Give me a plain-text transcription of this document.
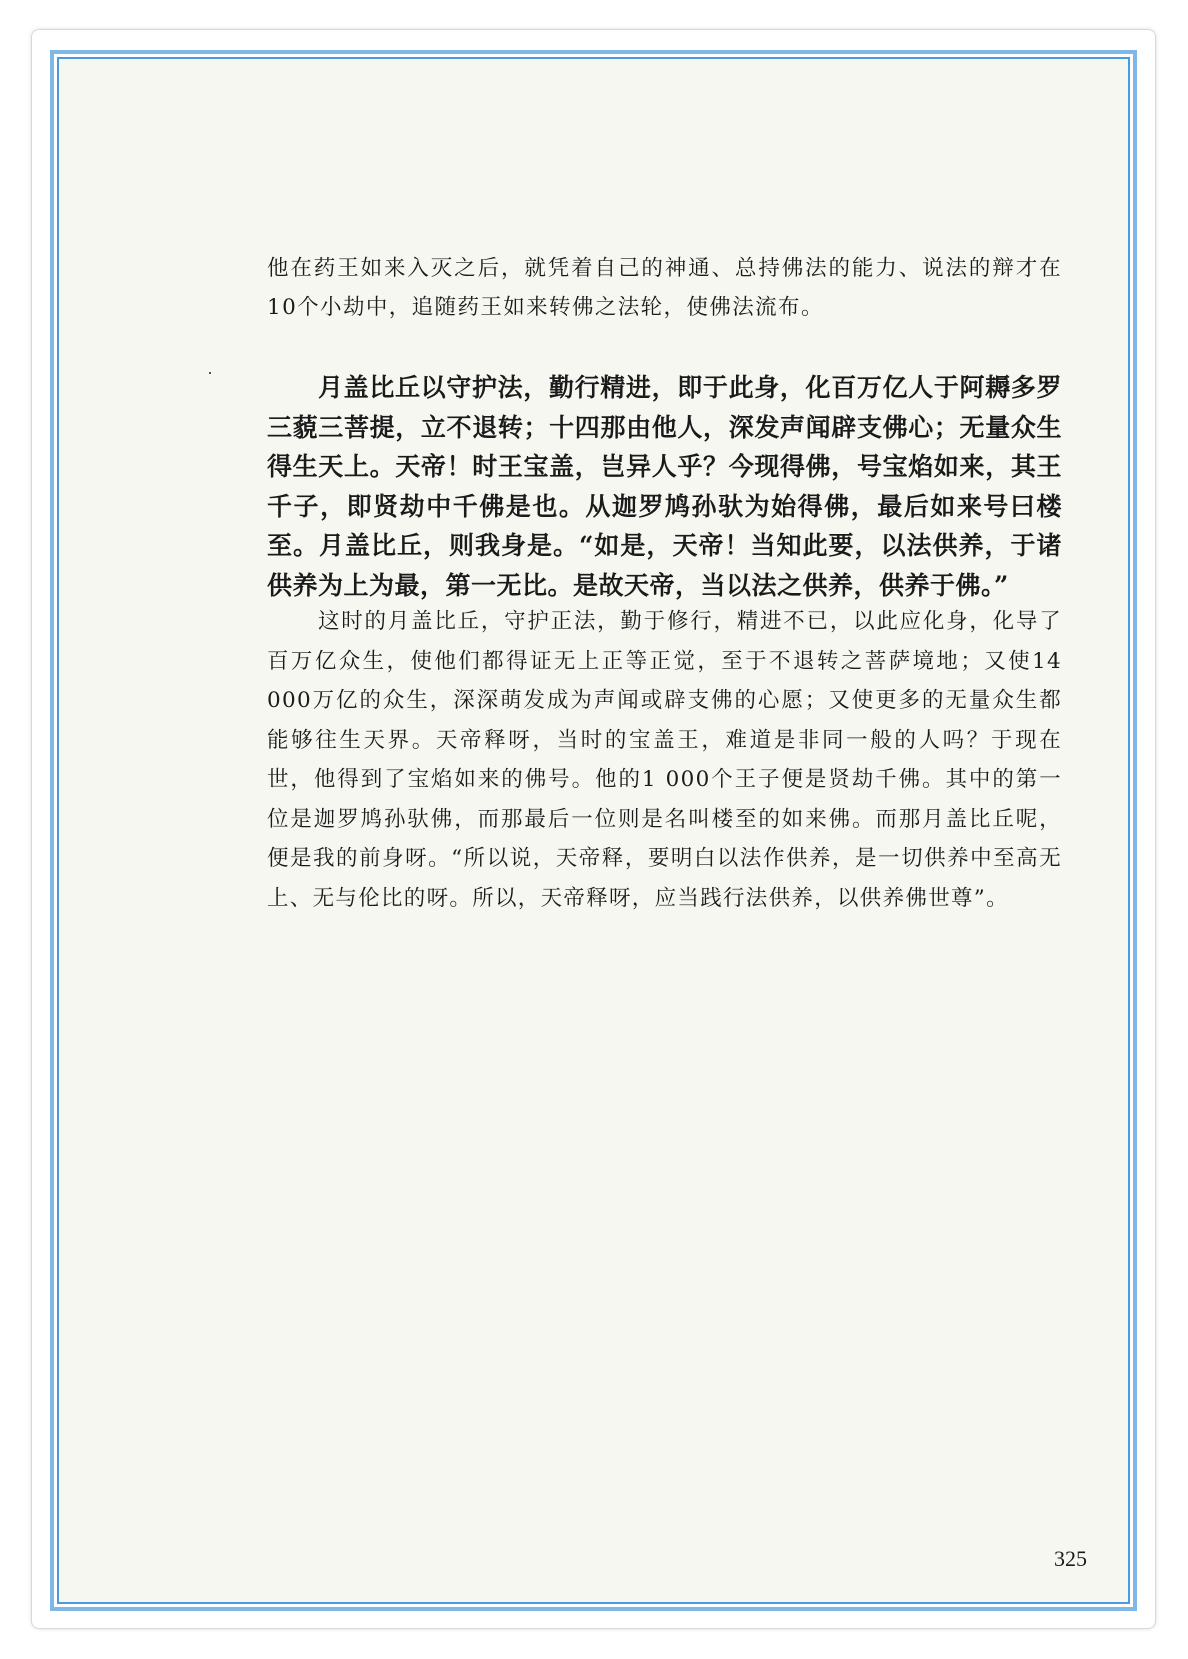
他在药王如来入灭之后，就凭着自己的神通、总持佛法的能力、说法的辩才在10个小劫中，追随药王如来转佛之法轮，使佛法流布。

月盖比丘以守护法，勤行精进，即于此身，化百万亿人于阿耨多罗三藐三菩提，立不退转；十四那由他人，深发声闻辟支佛心；无量众生得生天上。天帝！时王宝盖，岂异人乎？今现得佛，号宝焰如来，其王千子，即贤劫中千佛是也。从迦罗鸠孙驮为始得佛，最后如来号曰楼至。月盖比丘，则我身是。“如是，天帝！当知此要，以法供养，于诸供养为上为最，第一无比。是故天帝，当以法之供养，供养于佛。”

这时的月盖比丘，守护正法，勤于修行，精进不已，以此应化身，化导了百万亿众生，使他们都得证无上正等正觉，至于不退转之菩萨境地；又使14 000万亿的众生，深深萌发成为声闻或辟支佛的心愿；又使更多的无量众生都能够往生天界。天帝释呀，当时的宝盖王，难道是非同一般的人吗？于现在世，他得到了宝焰如来的佛号。他的1 000个王子便是贤劫千佛。其中的第一位是迦罗鸠孙驮佛，而那最后一位则是名叫楼至的如来佛。而那月盖比丘呢，便是我的前身呀。“所以说，天帝释，要明白以法作供养，是一切供养中至高无上、无与伦比的呀。所以，天帝释呀，应当践行法供养，以供养佛世尊”。

325
